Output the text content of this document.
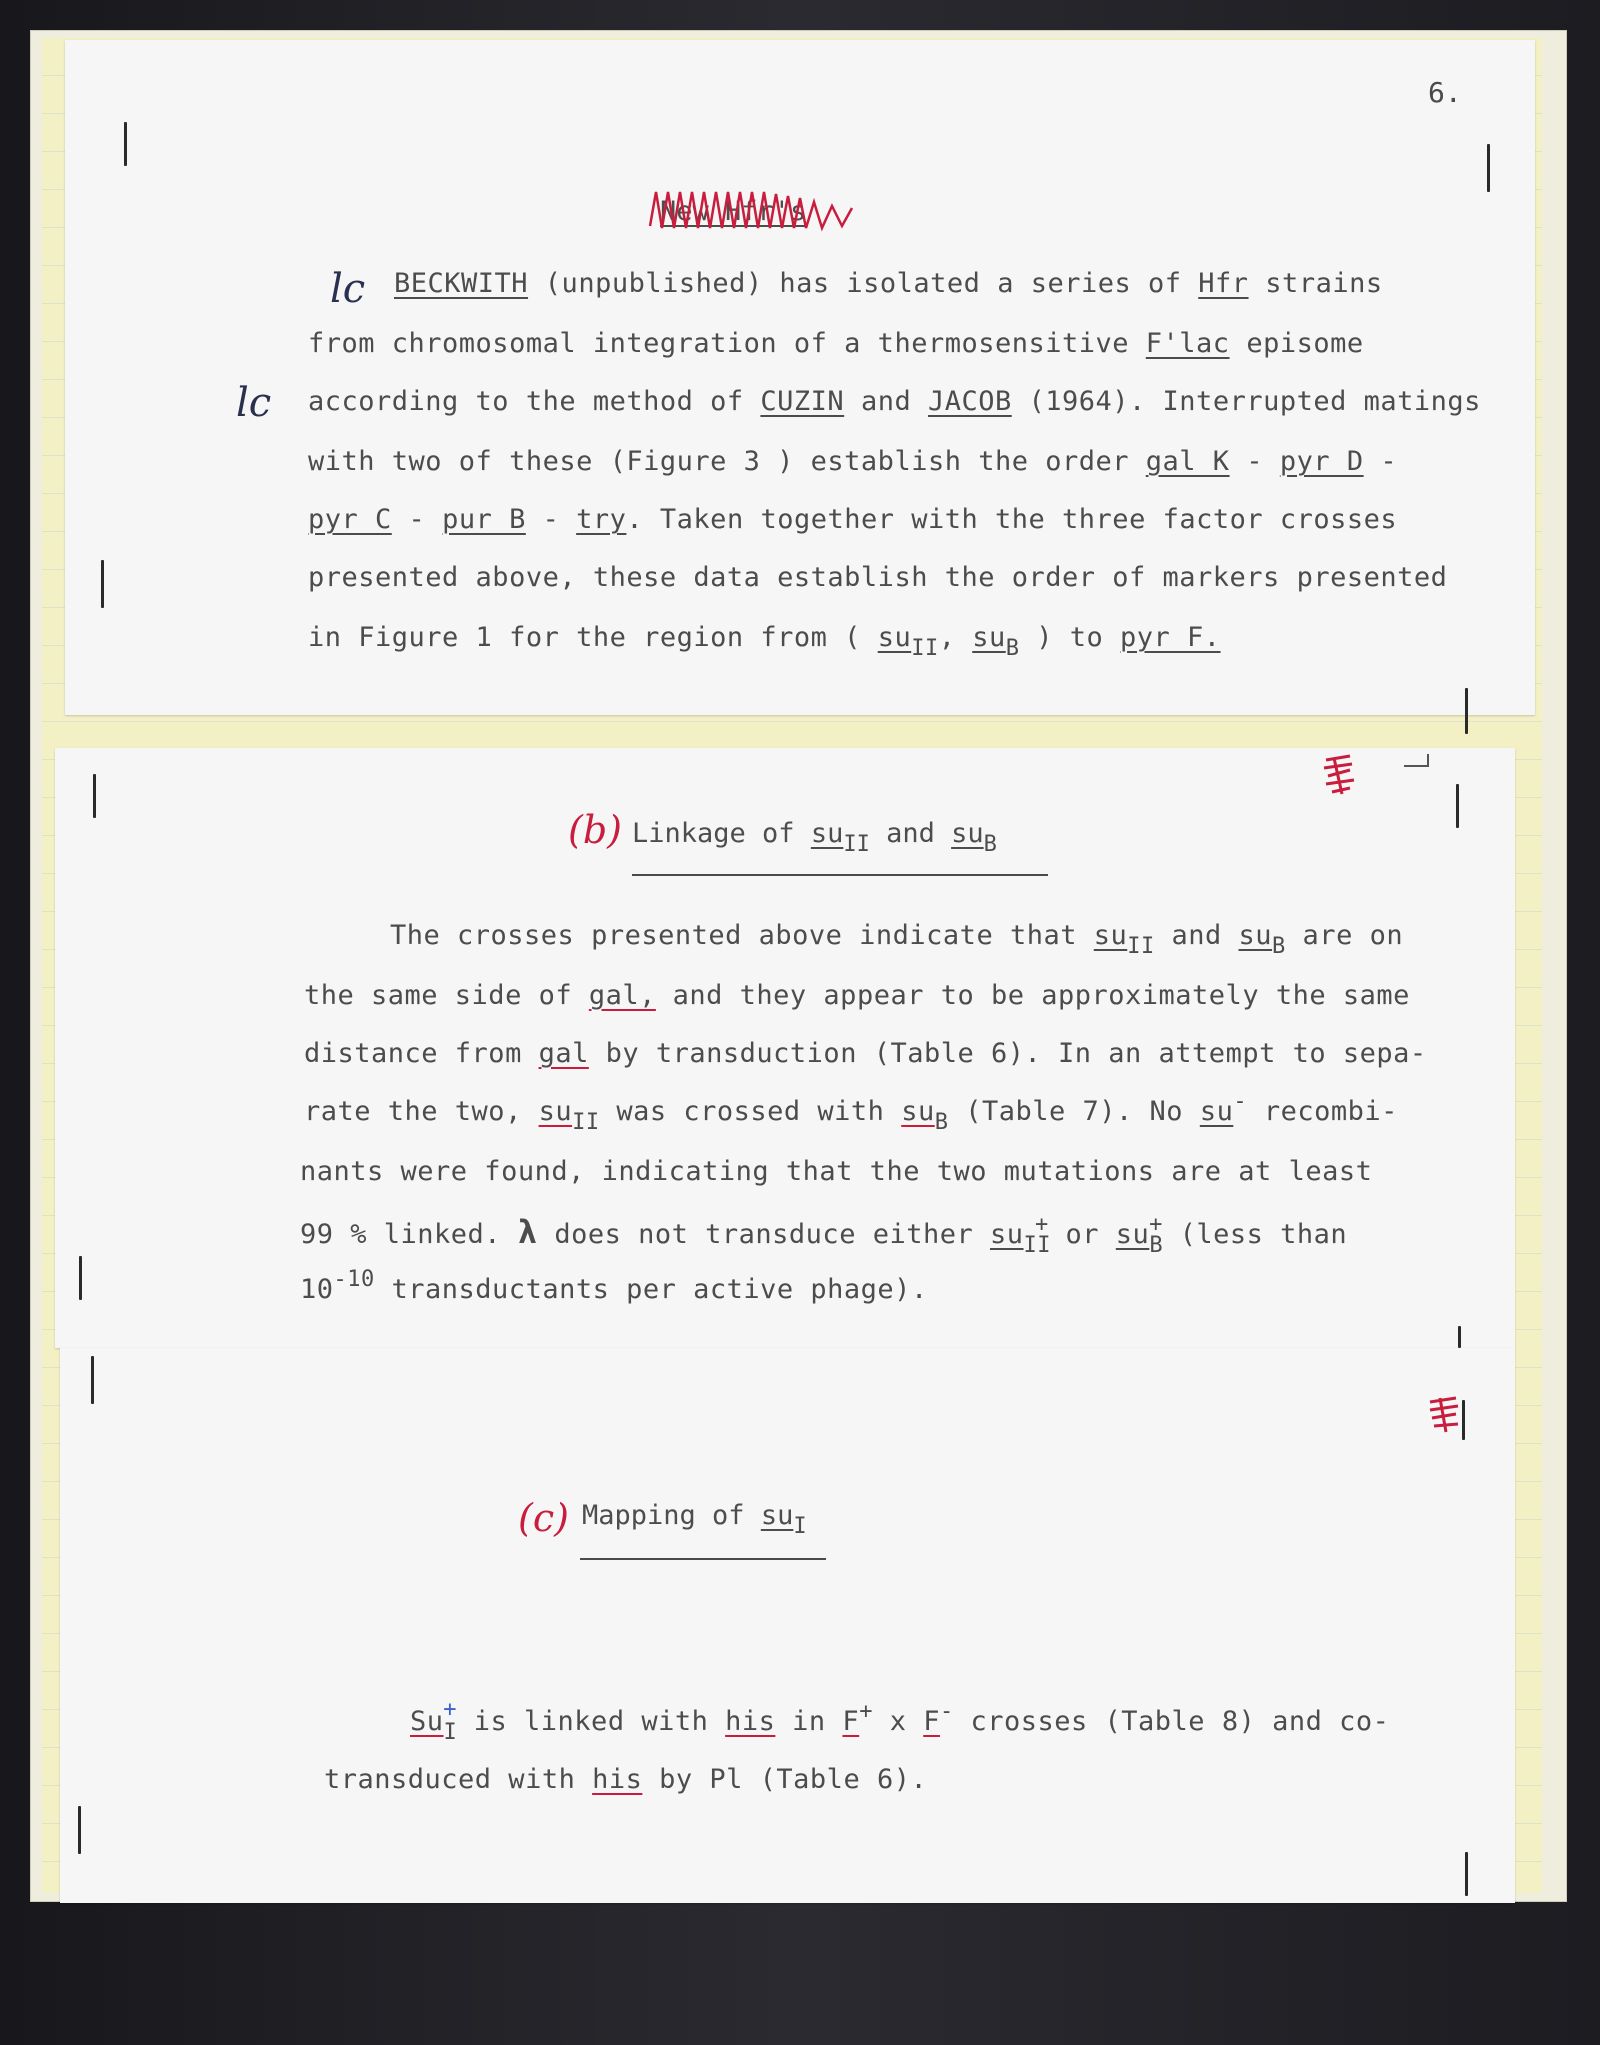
6.
New Hfr's
lc
lc
BECKWITH (unpublished) has isolated a series of Hfr strains
from chromosomal integration of a thermosensitive F'lac episome
according to the method of CUZIN and JACOB (1964). Interrupted matings
with two of these (Figure 3 ) establish the order gal K - pyr D -
pyr C - pur B - try. Taken together with the three factor crosses
presented above, these data establish the order of markers presented
in Figure 1 for the region from ( $su_{II}$, $su_B$ ) to pyr F.
(b) Linkage of $su_{II}$ and $su_B$
The crosses presented above indicate that $su_{II}$ and $su_B$ are on
the same side of gal, and they appear to be approximately the same
distance from gal by transduction (Table 6). In an attempt to sepa-
rate the two, $su_{II}$ was crossed with $su_B$ (Table 7). No su- recombi-
nants were found, indicating that the two mutations are at least
99 % linked. λ does not transduce either $su_{II}^+$ or $su_B^+$ (less than
$10^{-10}$ transductants per active phage).
(c) Mapping of $su_I$
$Su_I^+$ is linked with his in F+ x F- crosses (Table 8) and co-
transduced with his by Pl (Table 6).
